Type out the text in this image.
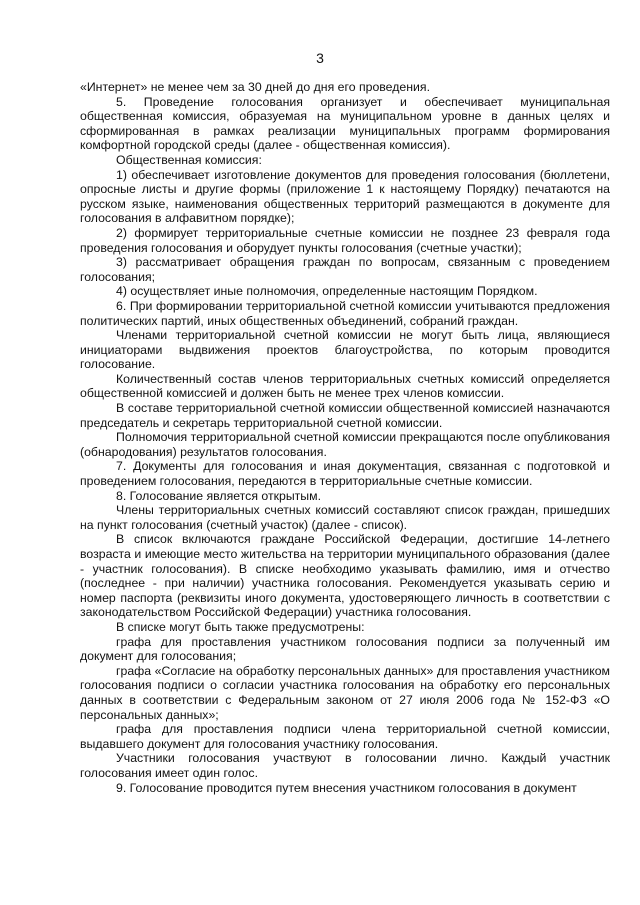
3

«Интернет» не менее чем за 30 дней до дня его проведения.

5. Проведение голосования организует и обеспечивает муниципальная общественная комиссия, образуемая на муниципальном уровне в данных целях и сформированная в рамках реализации муниципальных программ формирования комфортной городской среды (далее - общественная комиссия).

Общественная комиссия:

1) обеспечивает изготовление документов для проведения голосования (бюллетени, опросные листы и другие формы (приложение 1 к настоящему Порядку) печатаются на русском языке, наименования общественных территорий размещаются в документе для голосования в алфавитном порядке);

2) формирует территориальные счетные комиссии не позднее 23 февраля года проведения голосования и оборудует пункты голосования (счетные участки);

3) рассматривает обращения граждан по вопросам, связанным с проведением голосования;

4) осуществляет иные полномочия, определенные настоящим Порядком.

6. При формировании территориальной счетной комиссии учитываются предложения политических партий, иных общественных объединений, собраний граждан.

Членами территориальной счетной комиссии не могут быть лица, являющиеся инициаторами выдвижения проектов благоустройства, по которым проводится голосование.

Количественный состав членов территориальных счетных комиссий определяется общественной комиссией и должен быть не менее трех членов комиссии.

В составе территориальной счетной комиссии общественной комиссией назначаются председатель и секретарь территориальной счетной комиссии.

Полномочия территориальной счетной комиссии прекращаются после опубликования (обнародования) результатов голосования.

7. Документы для голосования и иная документация, связанная с подготовкой и проведением голосования, передаются в территориальные счетные комиссии.

8. Голосование является открытым.

Члены территориальных счетных комиссий составляют список граждан, пришедших на пункт голосования (счетный участок) (далее - список).

В список включаются граждане Российской Федерации, достигшие 14-летнего возраста и имеющие место жительства на территории муниципального образования (далее - участник голосования). В списке необходимо указывать фамилию, имя и отчество (последнее - при наличии) участника голосования. Рекомендуется указывать серию и номер паспорта (реквизиты иного документа, удостоверяющего личность в соответствии с законодательством Российской Федерации) участника голосования.

В списке могут быть также предусмотрены:

графа для проставления участником голосования подписи за полученный им документ для голосования;

графа «Согласие на обработку персональных данных» для проставления участником голосования подписи о согласии участника голосования на обработку его персональных данных в соответствии с Федеральным законом от 27 июля 2006 года № 152-ФЗ «О персональных данных»;

графа для проставления подписи члена территориальной счетной комиссии, выдавшего документ для голосования участнику голосования.

Участники голосования участвуют в голосовании лично. Каждый участник голосования имеет один голос.

9. Голосование проводится путем внесения участником голосования в документ
